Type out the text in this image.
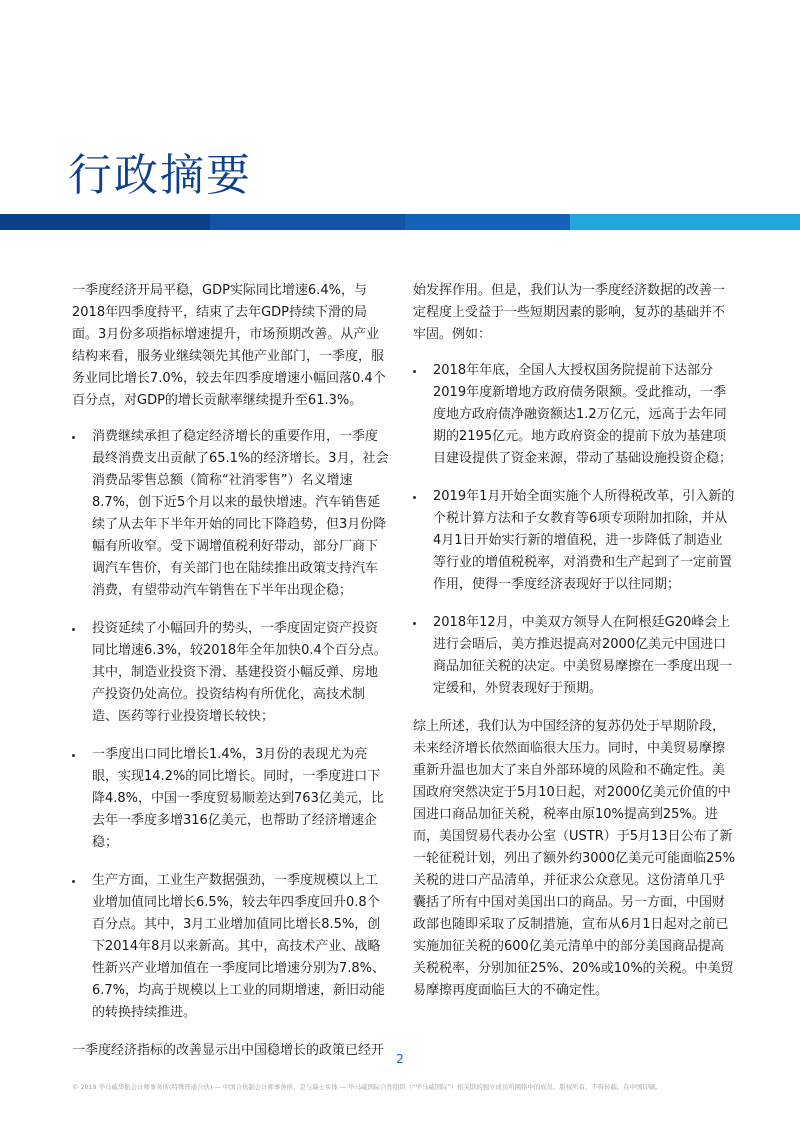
行政摘要

一季度经济开局平稳，GDP实际同比增速6.4%，与2018年四季度持平，结束了去年GDP持续下滑的局面。3月份多项指标增速提升，市场预期改善。从产业结构来看，服务业继续领先其他产业部门，一季度，服务业同比增长7.0%，较去年四季度增速小幅回落0.4个百分点，对GDP的增长贡献率继续提升至61.3%。

消费继续承担了稳定经济增长的重要作用，一季度最终消费支出贡献了65.1%的经济增长。3月，社会消费品零售总额（简称“社消零售”）名义增速8.7%，创下近5个月以来的最快增速。汽车销售延续了从去年下半年开始的同比下降趋势，但3月份降幅有所收窄。受下调增值税利好带动，部分厂商下调汽车售价，有关部门也在陆续推出政策支持汽车消费，有望带动汽车销售在下半年出现企稳；
投资延续了小幅回升的势头，一季度固定资产投资同比增速6.3%，较2018年全年加快0.4个百分点。其中，制造业投资下滑、基建投资小幅反弹、房地产投资仍处高位。投资结构有所优化，高技术制造、医药等行业投资增长较快；
一季度出口同比增长1.4%，3月份的表现尤为亮眼，实现14.2%的同比增长。同时，一季度进口下降4.8%，中国一季度贸易顺差达到763亿美元，比去年一季度多增316亿美元，也帮助了经济增速企稳；
生产方面，工业生产数据强劲，一季度规模以上工业增加值同比增长6.5%，较去年四季度回升0.8个百分点。其中，3月工业增加值同比增长8.5%，创下2014年8月以来新高。其中，高技术产业、战略性新兴产业增加值在一季度同比增速分别为7.8%、6.7%，均高于规模以上工业的同期增速，新旧动能的转换持续推进。

一季度经济指标的改善显示出中国稳增长的政策已经开

始发挥作用。但是，我们认为一季度经济数据的改善一定程度上受益于一些短期因素的影响，复苏的基础并不牢固。例如：

2018年年底，全国人大授权国务院提前下达部分2019年度新增地方政府债务限额。受此推动，一季度地方政府债净融资额达1.2万亿元，远高于去年同期的2195亿元。地方政府资金的提前下放为基建项目建设提供了资金来源，带动了基础设施投资企稳；
2019年1月开始全面实施个人所得税改革，引入新的个税计算方法和子女教育等6项专项附加扣除，并从4月1日开始实行新的增值税，进一步降低了制造业等行业的增值税税率，对消费和生产起到了一定前置作用，使得一季度经济表现好于以往同期；
2018年12月，中美双方领导人在阿根廷G20峰会上进行会晤后，美方推迟提高对2000亿美元中国进口商品加征关税的决定。中美贸易摩擦在一季度出现一定缓和，外贸表现好于预期。

综上所述，我们认为中国经济的复苏仍处于早期阶段，未来经济增长依然面临很大压力。同时，中美贸易摩擦重新升温也加大了来自外部环境的风险和不确定性。美国政府突然决定于5月10日起，对2000亿美元价值的中国进口商品加征关税，税率由原10%提高到25%。进而，美国贸易代表办公室（USTR）于5月13日公布了新一轮征税计划，列出了额外约3000亿美元可能面临25%关税的进口产品清单，并征求公众意见。这份清单几乎囊括了所有中国对美国出口的商品。另一方面，中国财政部也随即采取了反制措施，宣布从6月1日起对之前已实施加征关税的600亿美元清单中的部分美国商品提高关税税率，分别加征25%、20%或10%的关税。中美贸易摩擦再度面临巨大的不确定性。

2
© 2019 毕马威华振会计师事务所(特殊普通合伙) — 中国合伙制会计师事务所，是与瑞士实体 — 毕马威国际合作组织（“毕马威国际”）相关联的独立成员所网络中的成员。版权所有，不得转载。在中国印刷。
